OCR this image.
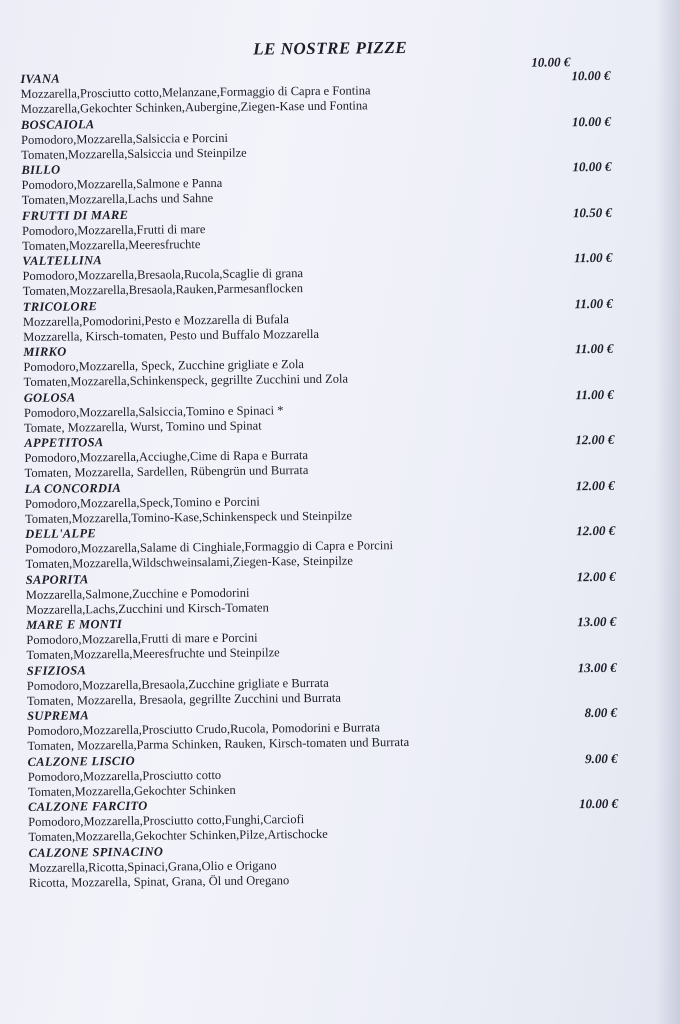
LE NOSTRE PIZZE
10.00 €
IVANA
Mozzarella,Prosciutto cotto,Melanzane,Formaggio di Capra e Fontina
Mozzarella,Gekochter Schinken,Aubergine,Ziegen-Kase und Fontina
10.00 €
BOSCAIOLA
Pomodoro,Mozzarella,Salsiccia e Porcini
Tomaten,Mozzarella,Salsiccia und Steinpilze
10.00 €
BILLO
Pomodoro,Mozzarella,Salmone e Panna
Tomaten,Mozzarella,Lachs und Sahne
10.00 €
FRUTTI DI MARE
Pomodoro,Mozzarella,Frutti di mare
Tomaten,Mozzarella,Meeresfruchte
10.50 €
VALTELLINA
Pomodoro,Mozzarella,Bresaola,Rucola,Scaglie di grana
Tomaten,Mozzarella,Bresaola,Rauken,Parmesanflocken
11.00 €
TRICOLORE
Mozzarella,Pomodorini,Pesto e Mozzarella di Bufala
Mozzarella, Kirsch-tomaten, Pesto und Buffalo Mozzarella
11.00 €
MIRKO
Pomodoro,Mozzarella, Speck, Zucchine grigliate e Zola
Tomaten,Mozzarella,Schinkenspeck, gegrillte Zucchini und Zola
11.00 €
GOLOSA
Pomodoro,Mozzarella,Salsiccia,Tomino e Spinaci *
Tomate, Mozzarella, Wurst, Tomino und Spinat
11.00 €
APPETITOSA
Pomodoro,Mozzarella,Acciughe,Cime di Rapa e Burrata
Tomaten, Mozzarella, Sardellen, Rübengrün und Burrata
12.00 €
LA CONCORDIA
Pomodoro,Mozzarella,Speck,Tomino e Porcini
Tomaten,Mozzarella,Tomino-Kase,Schinkenspeck und Steinpilze
12.00 €
DELL'ALPE
Pomodoro,Mozzarella,Salame di Cinghiale,Formaggio di Capra e Porcini
Tomaten,Mozzarella,Wildschweinsalami,Ziegen-Kase, Steinpilze
12.00 €
SAPORITA
Mozzarella,Salmone,Zucchine e Pomodorini
Mozzarella,Lachs,Zucchini und Kirsch-Tomaten
12.00 €
MARE E MONTI
Pomodoro,Mozzarella,Frutti di mare e Porcini
Tomaten,Mozzarella,Meeresfruchte und Steinpilze
13.00 €
SFIZIOSA
Pomodoro,Mozzarella,Bresaola,Zucchine grigliate e Burrata
Tomaten, Mozzarella, Bresaola, gegrillte Zucchini und Burrata
13.00 €
SUPREMA
Pomodoro,Mozzarella,Prosciutto Crudo,Rucola, Pomodorini e Burrata
Tomaten, Mozzarella,Parma Schinken, Rauken, Kirsch-tomaten und Burrata
8.00 €
CALZONE LISCIO
Pomodoro,Mozzarella,Prosciutto cotto
Tomaten,Mozzarella,Gekochter Schinken
9.00 €
CALZONE FARCITO
Pomodoro,Mozzarella,Prosciutto cotto,Funghi,Carciofi
Tomaten,Mozzarella,Gekochter Schinken,Pilze,Artischocke
10.00 €
CALZONE SPINACINO
Mozzarella,Ricotta,Spinaci,Grana,Olio e Origano
Ricotta, Mozzarella, Spinat, Grana, Öl und Oregano
